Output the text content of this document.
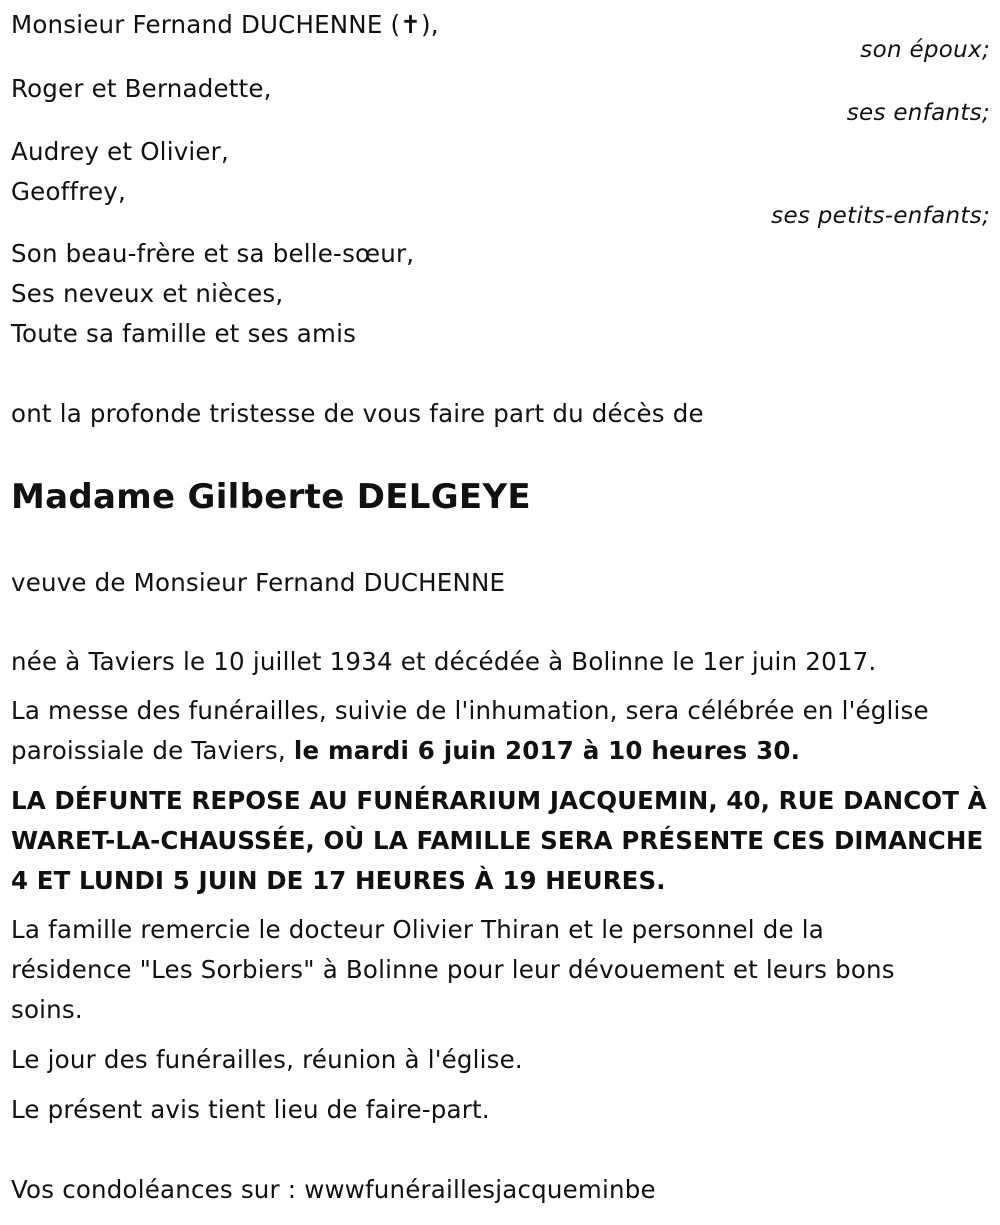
Monsieur Fernand DUCHENNE (✝),
son époux;
Roger et Bernadette,
ses enfants;
Audrey et Olivier,
Geoffrey,
ses petits-enfants;
Son beau-frère et sa belle-sœur,
Ses neveux et nièces,
Toute sa famille et ses amis
ont la profonde tristesse de vous faire part du décès de
Madame Gilberte DELGEYE
veuve de Monsieur Fernand DUCHENNE
née à Taviers le 10 juillet 1934 et décédée à Bolinne le 1er juin 2017.
La messe des funérailles, suivie de l'inhumation, sera célébrée en l'église
paroissiale de Taviers, le mardi 6 juin 2017 à 10 heures 30.
LA DÉFUNTE REPOSE AU FUNÉRARIUM JACQUEMIN, 40, RUE DANCOT À
WARET-LA-CHAUSSÉE, OÙ LA FAMILLE SERA PRÉSENTE CES DIMANCHE
4 ET LUNDI 5 JUIN DE 17 HEURES À 19 HEURES.
La famille remercie le docteur Olivier Thiran et le personnel de la
résidence "Les Sorbiers" à Bolinne pour leur dévouement et leurs bons
soins.
Le jour des funérailles, réunion à l'église.
Le présent avis tient lieu de faire-part.
Vos condoléances sur : wwwfunéraillesjacqueminbe
